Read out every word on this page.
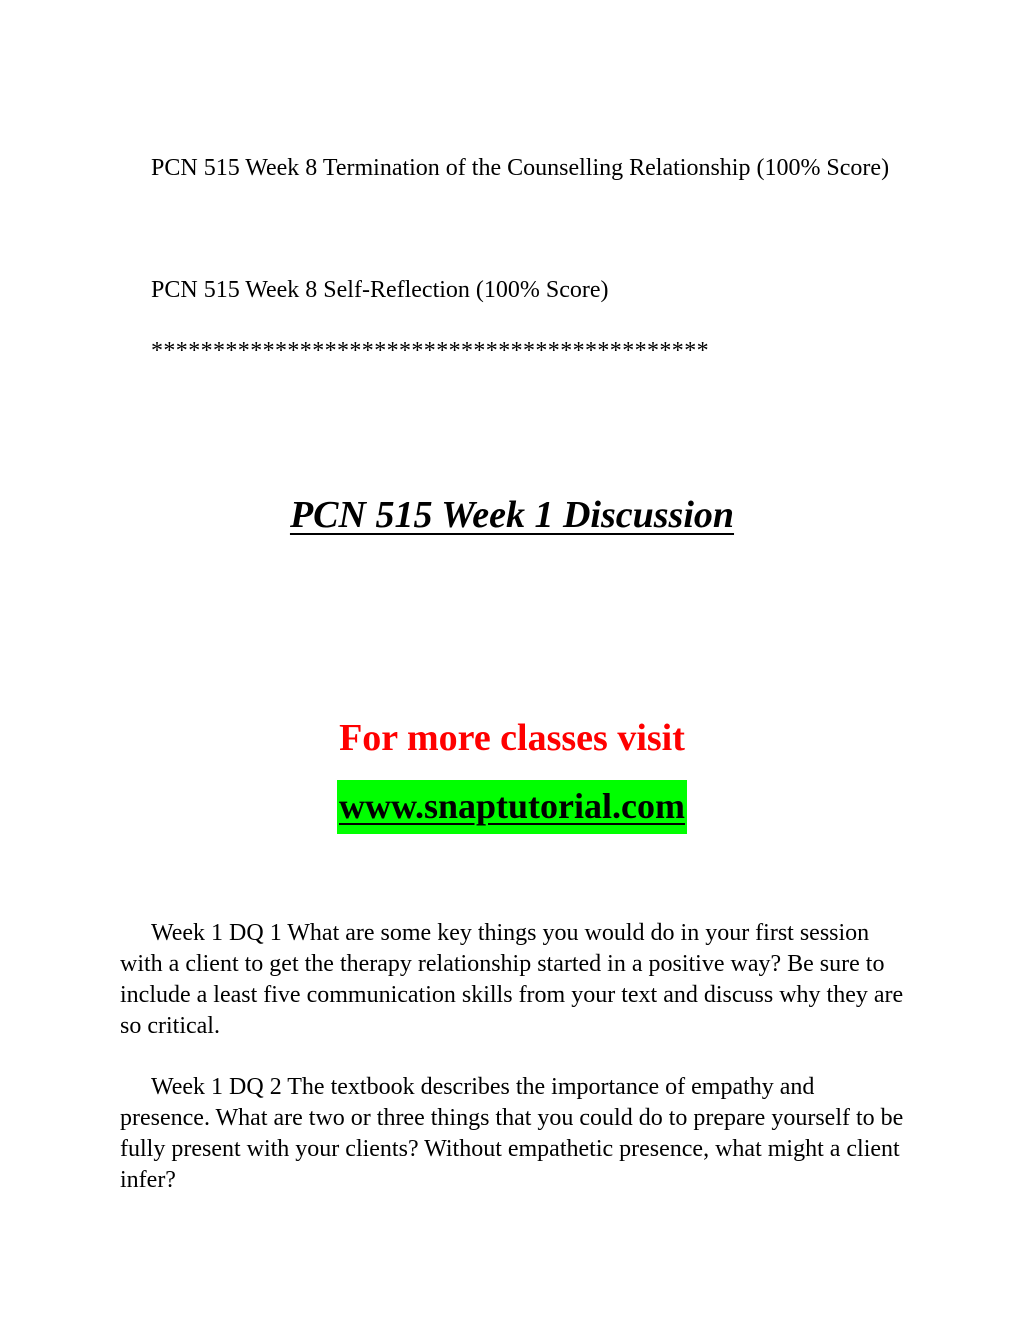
PCN 515 Week 8 Termination of the Counselling Relationship (100% Score)

PCN 515 Week 8 Self-Reflection (100% Score)

*********************************************

PCN 515 Week 1 Discussion
For more classes visit
www.snaptutorial.com

Week 1 DQ 1 What are some key things you would do in your first session with a client to get the therapy relationship started in a positive way? Be sure to include a least five communication skills from your text and discuss why they are so critical.

Week 1 DQ 2 The textbook describes the importance of empathy and presence. What are two or three things that you could do to prepare yourself to be fully present with your clients? Without empathetic presence, what might a client infer?
